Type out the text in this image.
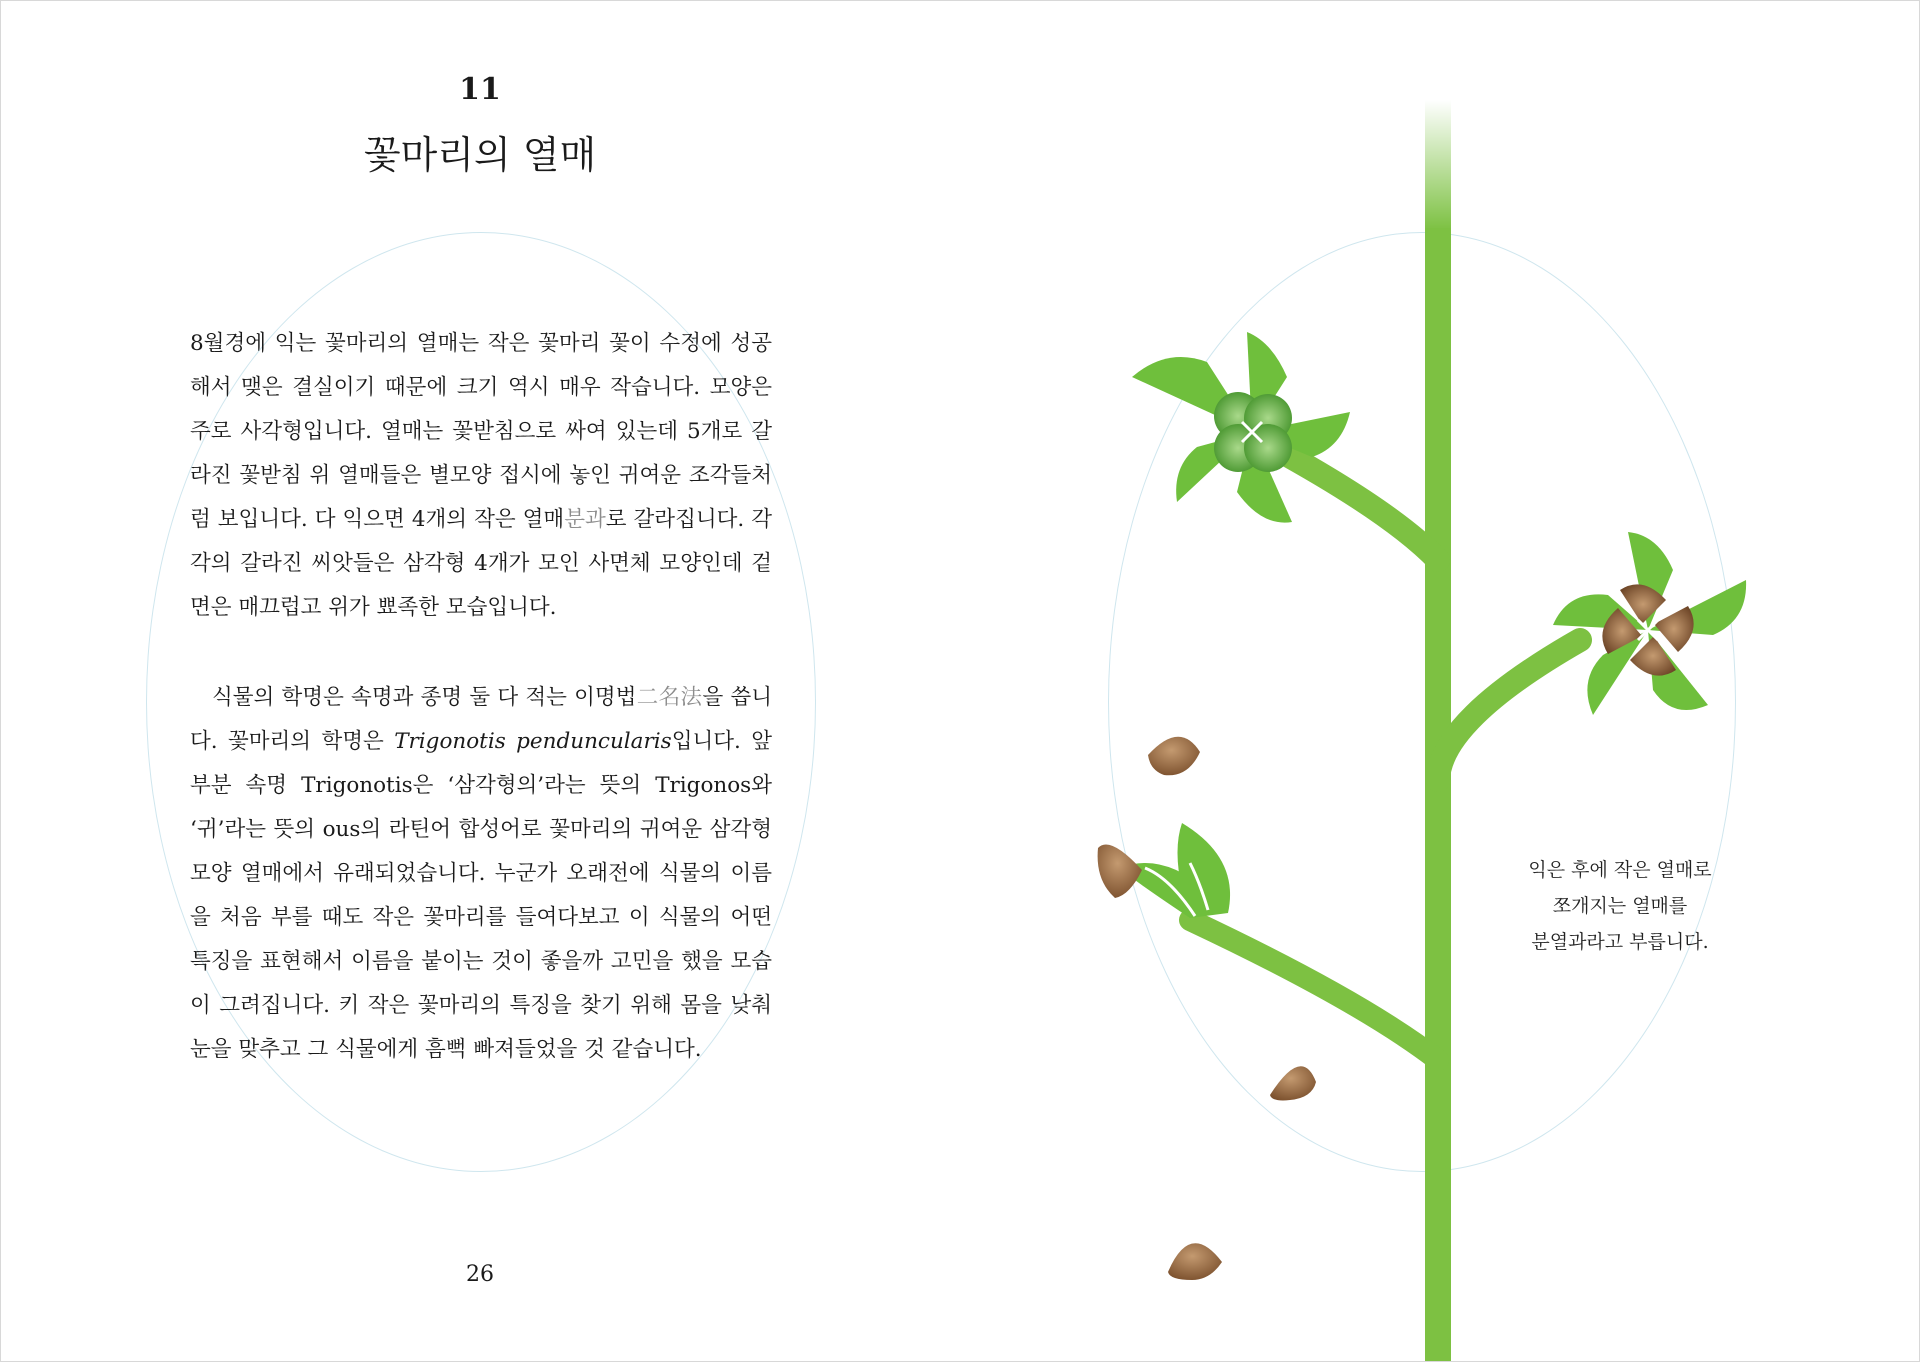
11
꽃마리의 열매

8월경에 익는 꽃마리의 열매는 작은 꽃마리 꽃이 수정에 성공해서 맺은 결실이기 때문에 크기 역시 매우 작습니다. 모양은 주로 사각형입니다. 열매는 꽃받침으로 싸여 있는데 5개로 갈라진 꽃받침 위 열매들은 별모양 접시에 놓인 귀여운 조각들처럼 보입니다. 다 익으면 4개의 작은 열매분과로 갈라집니다. 각각의 갈라진 씨앗들은 삼각형 4개가 모인 사면체 모양인데 겉면은 매끄럽고 위가 뾰족한 모습입니다.

식물의 학명은 속명과 종명 둘 다 적는 이명법二名法을 씁니다. 꽃마리의 학명은 Trigonotis penduncularis입니다. 앞부분 속명 Trigonotis은 ‘삼각형의’라는 뜻의 Trigonos와 ‘귀’라는 뜻의 ous의 라틴어 합성어로 꽃마리의 귀여운 삼각형 모양 열매에서 유래되었습니다. 누군가 오래전에 식물의 이름을 처음 부를 때도 작은 꽃마리를 들여다보고 이 식물의 어떤 특징을 표현해서 이름을 붙이는 것이 좋을까 고민을 했을 모습이 그려집니다. 키 작은 꽃마리의 특징을 찾기 위해 몸을 낮춰 눈을 맞추고 그 식물에게 흠뻑 빠져들었을 것 같습니다.

26
익은 후에 작은 열매로
쪼개지는 열매를
분열과라고 부릅니다.
